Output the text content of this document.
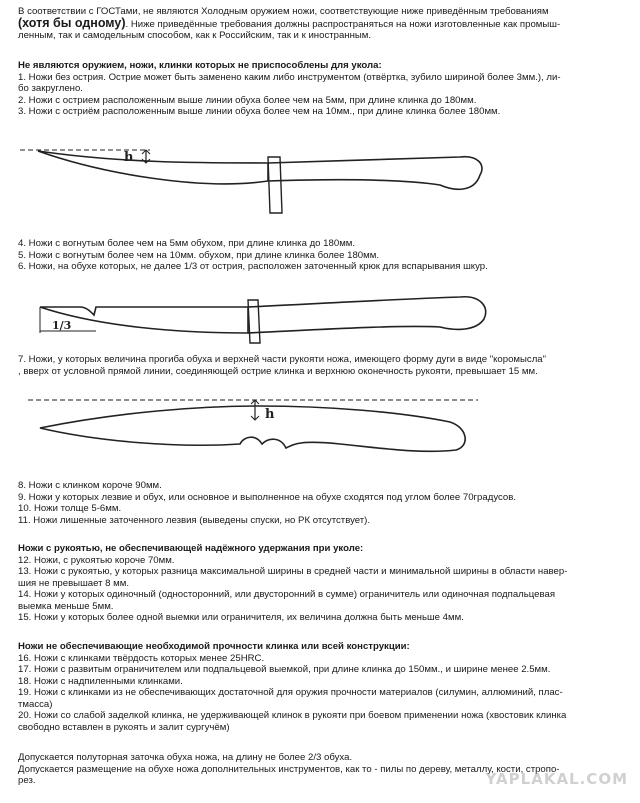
В соответствии с ГОСТами, не являются Холодным оружием ножи, соответствующие ниже приведённым требованиям

(хотя бы одному). Ниже приведённые требования должны распространяться на ножи изготовленные как промыш-

ленным, так и самодельным способом, как к Российским, так и к иностранным.

Не являются оружием, ножи, клинки которых не приспособлены для укола:

1. Ножи без острия. Острие может быть заменено каким либо инструментом (отвёртка, зубило шириной более 3мм.), ли-

бо закруглено.

2. Ножи с острием расположенным выше линии обуха более чем на 5мм, при длине клинка до 180мм.

3. Ножи с остриём расположенным выше линии обуха более чем на 10мм., при длине клинка более 180мм.

h

4. Ножи с вогнутым более чем на 5мм обухом, при длине клинка до 180мм.

5. Ножи с вогнутым более чем на 10мм. обухом, при длине клинка более 180мм.

6. Ножи, на обухе которых, не далее 1/3 от острия, расположен заточенный крюк для вспарывания шкур.

1/3

7. Ножи, у которых величина прогиба обуха и верхней части рукояти ножа, имеющего форму дуги в виде "коромысла"

, вверх от условной прямой линии, соединяющей острие клинка и верхнюю оконечность рукояти, превышает 15 мм.

h

8. Ножи с клинком короче 90мм.

9. Ножи у которых лезвие и обух, или основное и выполненное на обухе сходятся под углом более 70градусов.

10. Ножи толще 5-6мм.

11. Ножи лишенные заточенного лезвия (выведены спуски, но РК отсутствует).

Ножи с рукоятью, не обеспечивающей надёжного удержания при уколе:

12. Ножи, с рукоятью короче 70мм.

13. Ножи с рукоятью, у которых разница максимальной ширины в средней части и минимальной ширины в области навер-

шия не превышает 8 мм.

14. Ножи у которых одиночный (односторонний, или двусторонний в сумме) ограничитель или одиночная подпальцевая

выемка меньше 5мм.

15. Ножи у которых более одной выемки или ограничителя, их величина должна быть меньше 4мм.

Ножи не обеспечивающие необходимой прочности клинка или всей конструкции:

16. Ножи с клинками твёрдость которых менее 25HRC.

17. Ножи с развитым ограничителем или подпальцевой выемкой, при длине клинка до 150мм., и ширине менее 2.5мм.

18. Ножи с надпиленными клинками.

19. Ножи с клинками из не обеспечивающих достаточной для оружия прочности материалов (силумин, аллюминий, плас-

тмасса)

20. Ножи со слабой заделкой клинка, не удерживающей клинок в рукояти при боевом применении ножа (хвостовик клинка

свободно вставлен в рукоять и залит сургучём)

Допускается полуторная заточка обуха ножа, на длину не более 2/3 обуха.

Допускается размещение на обухе ножа дополнительных инструментов, как то - пилы по дереву, металлу, кости, стропо-

рез.	YAPLAKAL.COM
